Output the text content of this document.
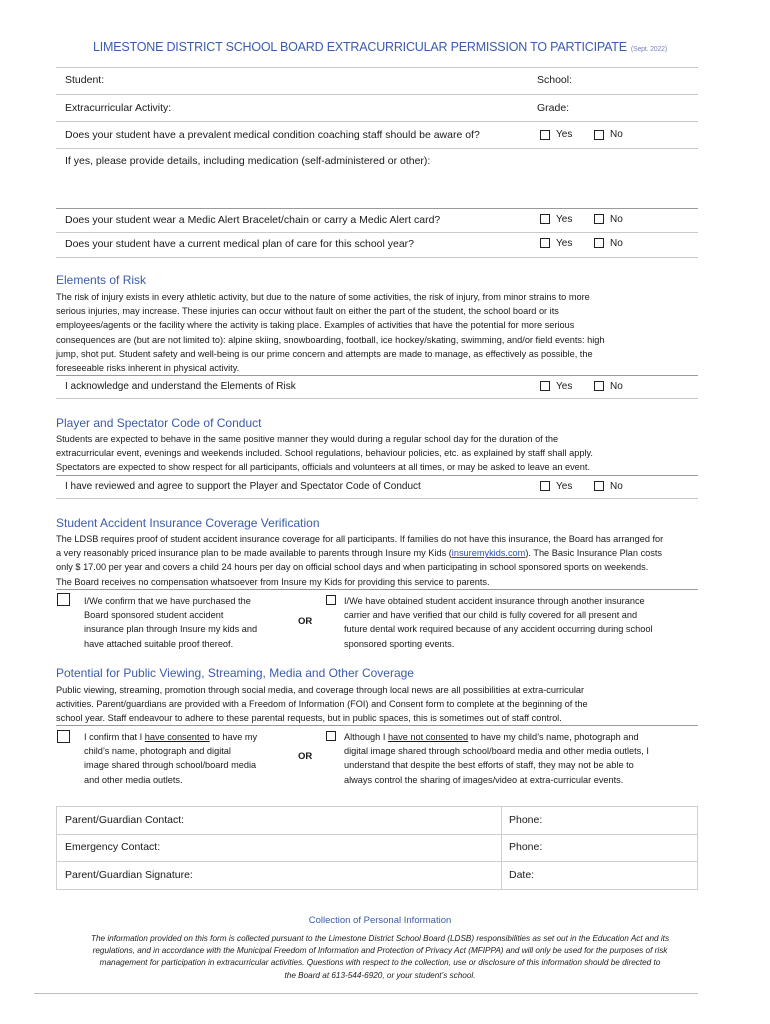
LIMESTONE DISTRICT SCHOOL BOARD EXTRACURRICULAR PERMISSION TO PARTICIPATE (Sept. 2022)
Student:	School:
Extracurricular Activity:	Grade:
Does your student have a prevalent medical condition coaching staff should be aware of?	Yes	No
If yes, please provide details, including medication (self-administered or other):
Does your student wear a Medic Alert Bracelet/chain or carry a Medic Alert card?	Yes	No
Does your student have a current medical plan of care for this school year?	Yes	No
Elements of Risk
The risk of injury exists in every athletic activity, but due to the nature of some activities, the risk of injury, from minor strains to more
serious injuries, may increase. These injuries can occur without fault on either the part of the student, the school board or its
employees/agents or the facility where the activity is taking place. Examples of activities that have the potential for more serious
consequences are (but are not limited to): alpine skiing, snowboarding, football, ice hockey/skating, swimming, and/or field events: high
jump, shot put. Student safety and well-being is our prime concern and attempts are made to manage, as effectively as possible, the
foreseeable risks inherent in physical activity.
I acknowledge and understand the Elements of Risk	Yes	No
Player and Spectator Code of Conduct
Students are expected to behave in the same positive manner they would during a regular school day for the duration of the
extracurricular event, evenings and weekends included. School regulations, behaviour policies, etc. as explained by staff shall apply.
Spectators are expected to show respect for all participants, officials and volunteers at all times, or may be asked to leave an event.
I have reviewed and agree to support the Player and Spectator Code of Conduct	Yes	No
Student Accident Insurance Coverage Verification
The LDSB requires proof of student accident insurance coverage for all participants. If families do not have this insurance, the Board has arranged for
a very reasonably priced insurance plan to be made available to parents through Insure my Kids (insuremykids.com). The Basic Insurance Plan costs
only $ 17.00 per year and covers a child 24 hours per day on official school days and when participating in school sponsored sports on weekends.
The Board receives no compensation whatsoever from Insure my Kids for providing this service to parents.
I/We confirm that we have purchased the
Board sponsored student accident
insurance plan through Insure my kids and
have attached suitable proof thereof.
OR
I/We have obtained student accident insurance through another insurance
carrier and have verified that our child is fully covered for all present and
future dental work required because of any accident occurring during school
sponsored sporting events.
Potential for Public Viewing, Streaming, Media and Other Coverage
Public viewing, streaming, promotion through social media, and coverage through local news are all possibilities at extra-curricular
activities. Parent/guardians are provided with a Freedom of Information (FOI) and Consent form to complete at the beginning of the
school year. Staff endeavour to adhere to these parental requests, but in public spaces, this is sometimes out of staff control.
I confirm that I have consented to have my
child’s name, photograph and digital
image shared through school/board media
and other media outlets.
OR
Although I have not consented to have my child’s name, photograph and
digital image shared through school/board media and other media outlets, I
understand that despite the best efforts of staff, they may not be able to
always control the sharing of images/video at extra-curricular events.
Parent/Guardian Contact:	Phone:
Emergency Contact:	Phone:
Parent/Guardian Signature:	Date:
Collection of Personal Information
The information provided on this form is collected pursuant to the Limestone District School Board (LDSB) responsibilities as set out in the Education Act and its
regulations, and in accordance with the Municipal Freedom of Information and Protection of Privacy Act (MFIPPA) and will only be used for the purposes of risk
management for participation in extracurricular activities. Questions with respect to the collection, use or disclosure of this information should be directed to
the Board at 613-544-6920, or your student’s school.
